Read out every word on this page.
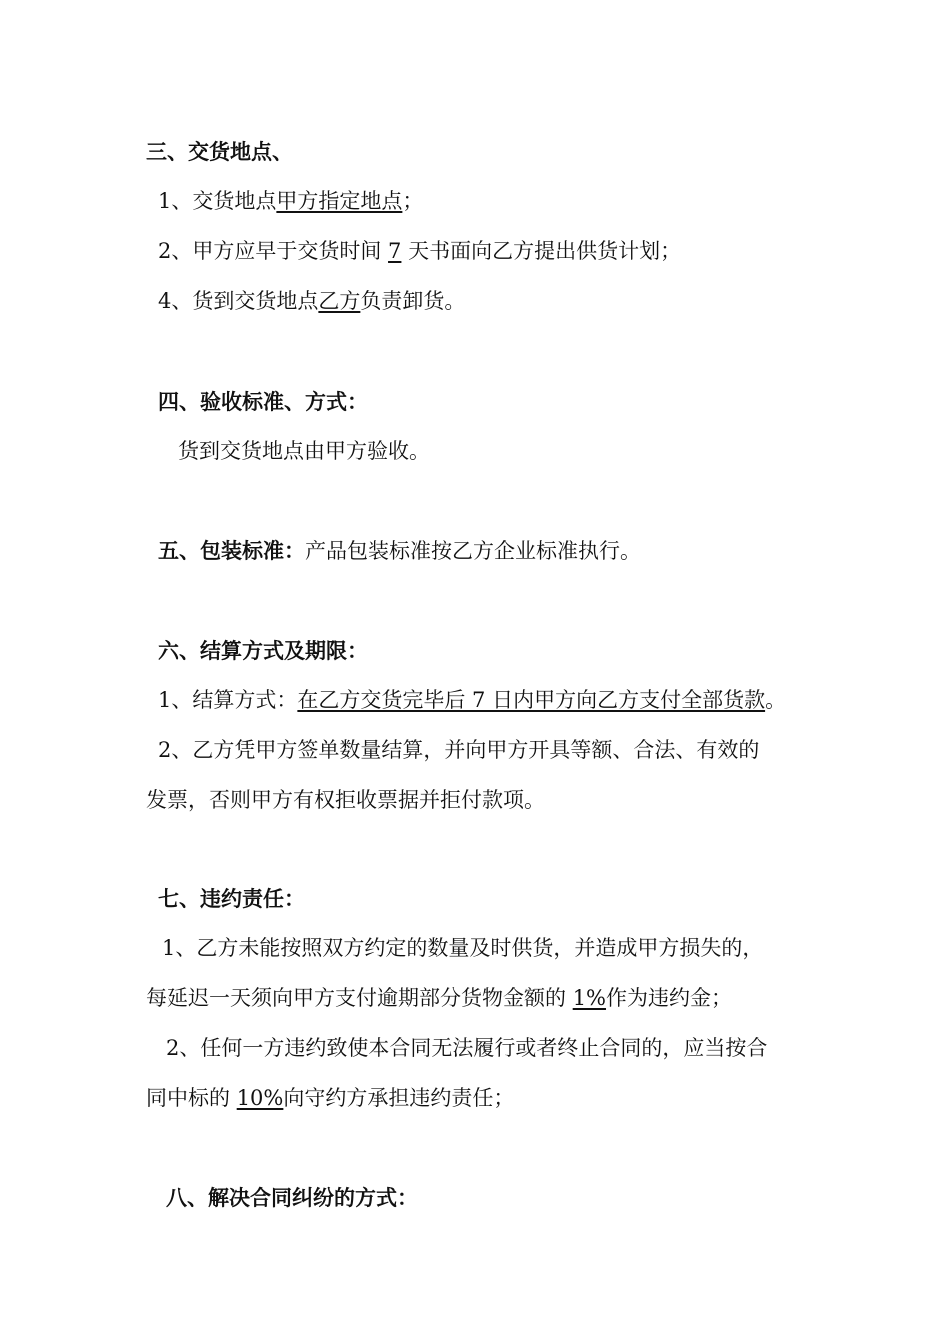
三、交货地点、
1、交货地点甲方指定地点；
2、甲方应早于交货时间 7 天书面向乙方提出供货计划；
4、货到交货地点乙方负责卸货。
四、验收标准、方式：
货到交货地点由甲方验收。
五、包装标准：产品包装标准按乙方企业标准执行。
六、结算方式及期限：
1、结算方式：在乙方交货完毕后 7 日内甲方向乙方支付全部货款。
2、乙方凭甲方签单数量结算，并向甲方开具等额、合法、有效的
发票，否则甲方有权拒收票据并拒付款项。
七、违约责任：
1、乙方未能按照双方约定的数量及时供货，并造成甲方损失的，
每延迟一天须向甲方支付逾期部分货物金额的 1%作为违约金；
2、任何一方违约致使本合同无法履行或者终止合同的，应当按合
同中标的 10%向守约方承担违约责任；
八、解决合同纠纷的方式：
